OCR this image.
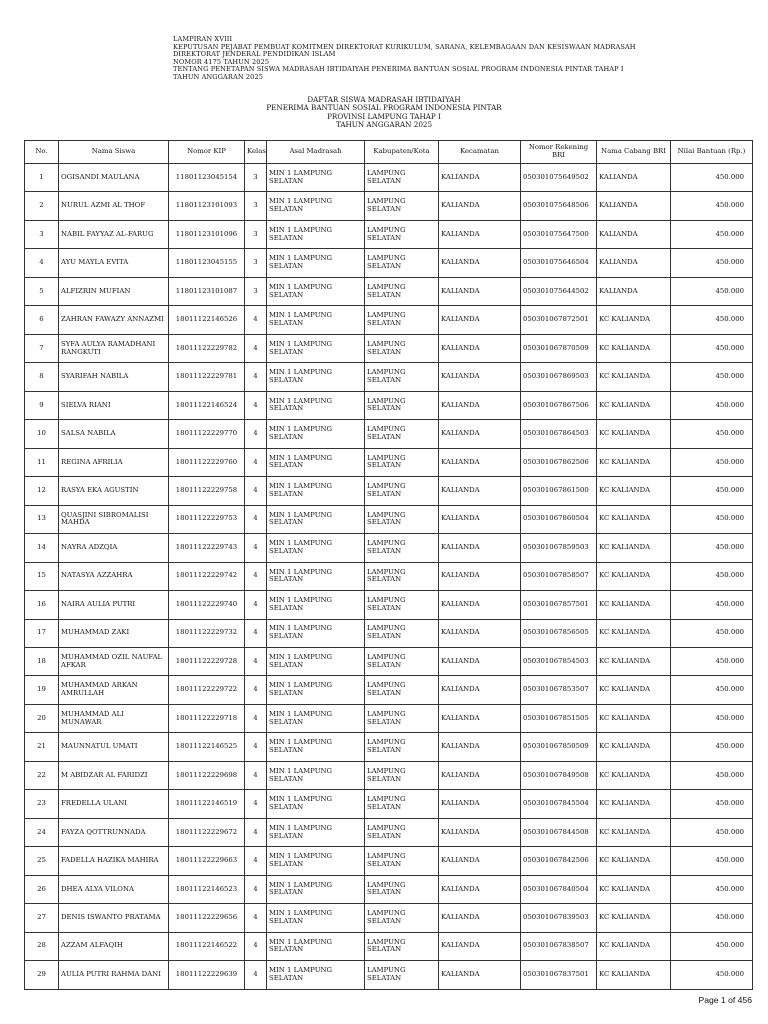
LAMPIRAN XVIII
KEPUTUSAN PEJABAT PEMBUAT KOMITMEN DIREKTORAT KURIKULUM, SARANA, KELEMBAGAAN DAN KESISWAAN MADRASAH
DIREKTORAT JENDERAL PENDIDIKAN ISLAM
NOMOR 4175 TAHUN 2025
TENTANG PENETAPAN SISWA MADRASAH IBTIDAIYAH PENERIMA BANTUAN SOSIAL PROGRAM INDONESIA PINTAR TAHAP I
TAHUN ANGGARAN 2025
DAFTAR SISWA MADRASAH IBTIDAIYAH
PENERIMA BANTUAN SOSIAL PROGRAM INDONESIA PINTAR
PROVINSI LAMPUNG TAHAP I
TAHUN ANGGARAN 2025
No.	Nama Siswa	Nomor KIP	Kelas	Asal Madrasah	Kabupaten/Kota	Kecamatan	Nomor Rekening BRI	Nama Cabang BRI	Nilai Bantuan (Rp.)
1	OGISANDI MAULANA	11801123045154	3	MIN 1 LAMPUNG SELATAN	LAMPUNG SELATAN	KALIANDA	050301075649502	KALIANDA	450.000
2	NURUL AZMI AL THOF	11801123101093	3	MIN 1 LAMPUNG SELATAN	LAMPUNG SELATAN	KALIANDA	050301075648506	KALIANDA	450.000
3	NABIL FAYYAZ AL-FARUG	11801123101096	3	MIN 1 LAMPUNG SELATAN	LAMPUNG SELATAN	KALIANDA	050301075647500	KALIANDA	450.000
4	AYU MAYLA EVITA	11801123045155	3	MIN 1 LAMPUNG SELATAN	LAMPUNG SELATAN	KALIANDA	050301075646504	KALIANDA	450.000
5	ALFIZRIN MUFIAN	11801123101087	3	MIN 1 LAMPUNG SELATAN	LAMPUNG SELATAN	KALIANDA	050301075644502	KALIANDA	450.000
6	ZAHRAN FAWAZY ANNAZMI	18011122146526	4	MIN 1 LAMPUNG SELATAN	LAMPUNG SELATAN	KALIANDA	050301067872501	KC KALIANDA	450.000
7	SYFA AULYA RAMADHANI RANGKUTI	18011122229782	4	MIN 1 LAMPUNG SELATAN	LAMPUNG SELATAN	KALIANDA	050301067870509	KC KALIANDA	450.000
8	SYARIFAH NABILA	18011122229781	4	MIN 1 LAMPUNG SELATAN	LAMPUNG SELATAN	KALIANDA	050301067869503	KC KALIANDA	450.000
9	SIELVA RIANI	18011122146524	4	MIN 1 LAMPUNG SELATAN	LAMPUNG SELATAN	KALIANDA	050301067867506	KC KALIANDA	450.000
10	SALSA NABILA	18011122229770	4	MIN 1 LAMPUNG SELATAN	LAMPUNG SELATAN	KALIANDA	050301067864503	KC KALIANDA	450.000
11	REGINA AFRILIA	18011122229760	4	MIN 1 LAMPUNG SELATAN	LAMPUNG SELATAN	KALIANDA	050301067862506	KC KALIANDA	450.000
12	RASYA EKA AGUSTIN	18011122229758	4	MIN 1 LAMPUNG SELATAN	LAMPUNG SELATAN	KALIANDA	050301067861500	KC KALIANDA	450.000
13	QUASJINI SIBROMALISI MAHDA	18011122229753	4	MIN 1 LAMPUNG SELATAN	LAMPUNG SELATAN	KALIANDA	050301067860504	KC KALIANDA	450.000
14	NAYRA ADZQIA	18011122229743	4	MIN 1 LAMPUNG SELATAN	LAMPUNG SELATAN	KALIANDA	050301067859503	KC KALIANDA	450.000
15	NATASYA AZZAHRA	18011122229742	4	MIN 1 LAMPUNG SELATAN	LAMPUNG SELATAN	KALIANDA	050301067858507	KC KALIANDA	450.000
16	NAIRA AULIA PUTRI	18011122229740	4	MIN 1 LAMPUNG SELATAN	LAMPUNG SELATAN	KALIANDA	050301067857501	KC KALIANDA	450.000
17	MUHAMMAD ZAKI	18011122229732	4	MIN 1 LAMPUNG SELATAN	LAMPUNG SELATAN	KALIANDA	050301067856505	KC KALIANDA	450.000
18	MUHAMMAD OZIL NAUFAL AFKAR	18011122229728	4	MIN 1 LAMPUNG SELATAN	LAMPUNG SELATAN	KALIANDA	050301067854503	KC KALIANDA	450.000
19	MUHAMMAD ARKAN AMRULLAH	18011122229722	4	MIN 1 LAMPUNG SELATAN	LAMPUNG SELATAN	KALIANDA	050301067853507	KC KALIANDA	450.000
20	MUHAMMAD ALI MUNAWAR	18011122229718	4	MIN 1 LAMPUNG SELATAN	LAMPUNG SELATAN	KALIANDA	050301067851505	KC KALIANDA	450.000
21	MAUNNATUL UMATI	18011122146525	4	MIN 1 LAMPUNG SELATAN	LAMPUNG SELATAN	KALIANDA	050301067850509	KC KALIANDA	450.000
22	M ABIDZAR AL FARIDZI	18011122229698	4	MIN 1 LAMPUNG SELATAN	LAMPUNG SELATAN	KALIANDA	050301067849508	KC KALIANDA	450.000
23	FREDELLA ULANI	18011122146519	4	MIN 1 LAMPUNG SELATAN	LAMPUNG SELATAN	KALIANDA	050301067845504	KC KALIANDA	450.000
24	FAYZA QOTTRUNNADA	18011122229672	4	MIN 1 LAMPUNG SELATAN	LAMPUNG SELATAN	KALIANDA	050301067844508	KC KALIANDA	450.000
25	FADELLA HAZIKA MAHIRA	18011122229663	4	MIN 1 LAMPUNG SELATAN	LAMPUNG SELATAN	KALIANDA	050301067842506	KC KALIANDA	450.000
26	DHEA ALYA VILONA	18011122146523	4	MIN 1 LAMPUNG SELATAN	LAMPUNG SELATAN	KALIANDA	050301067840504	KC KALIANDA	450.000
27	DENIS ISWANTO PRATAMA	18011122229656	4	MIN 1 LAMPUNG SELATAN	LAMPUNG SELATAN	KALIANDA	050301067839503	KC KALIANDA	450.000
28	AZZAM ALFAQIH	18011122146522	4	MIN 1 LAMPUNG SELATAN	LAMPUNG SELATAN	KALIANDA	050301067838507	KC KALIANDA	450.000
29	AULIA PUTRI RAHMA DANI	18011122229639	4	MIN 1 LAMPUNG SELATAN	LAMPUNG SELATAN	KALIANDA	050301067837501	KC KALIANDA	450.000
Page 1 of 456
